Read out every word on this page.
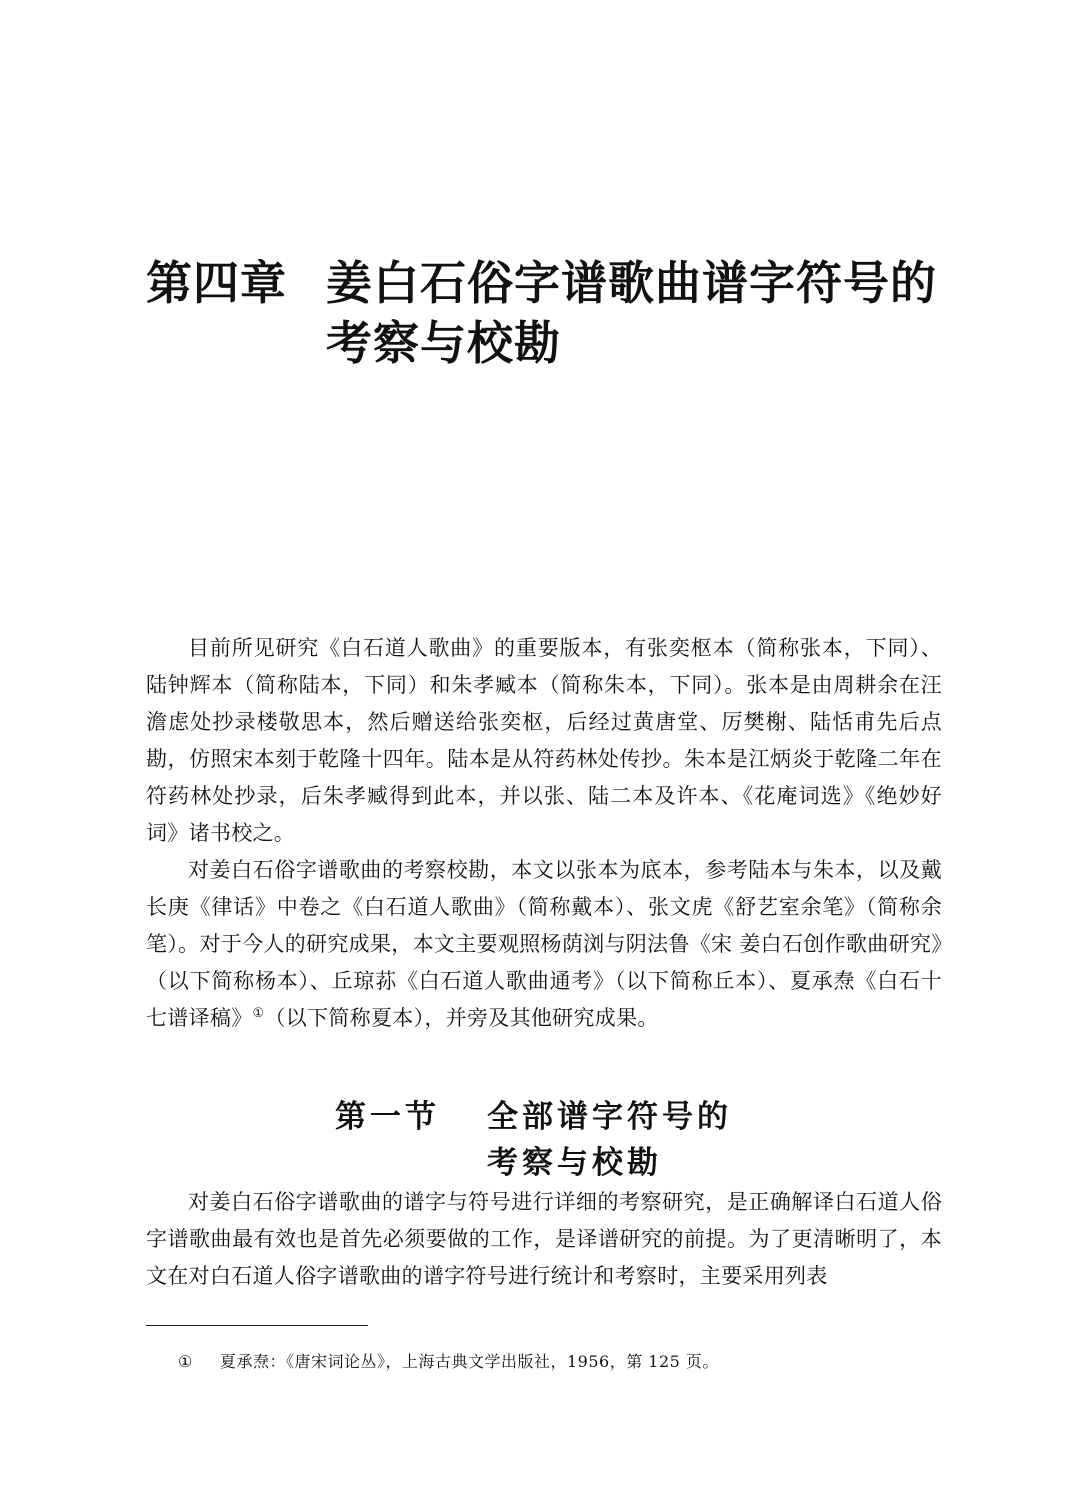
第四章 姜白石俗字谱歌曲谱字符号的
考察与校勘

目前所见研究《白石道人歌曲》的重要版本，有张奕枢本（简称张本，下同）、陆钟辉本（简称陆本，下同）和朱孝臧本（简称朱本，下同）。张本是由周耕余在汪澹虑处抄录楼敬思本，然后赠送给张奕枢，后经过黄唐堂、厉樊榭、陆恬甫先后点勘，仿照宋本刻于乾隆十四年。陆本是从符药林处传抄。朱本是江炳炎于乾隆二年在符药林处抄录，后朱孝臧得到此本，并以张、陆二本及许本、《花庵词选》《绝妙好词》诸书校之。

对姜白石俗字谱歌曲的考察校勘，本文以张本为底本，参考陆本与朱本，以及戴长庚《律话》中卷之《白石道人歌曲》（简称戴本）、张文虎《舒艺室余笔》（简称余笔）。对于今人的研究成果，本文主要观照杨荫浏与阴法鲁《宋 姜白石创作歌曲研究》（以下简称杨本）、丘琼荪《白石道人歌曲通考》（以下简称丘本）、夏承焘《白石十七谱译稿》①（以下简称夏本），并旁及其他研究成果。

第一节 全部谱字符号的
考察与校勘

对姜白石俗字谱歌曲的谱字与符号进行详细的考察研究，是正确解译白石道人俗字谱歌曲最有效也是首先必须要做的工作，是译谱研究的前提。为了更清晰明了，本文在对白石道人俗字谱歌曲的谱字符号进行统计和考察时，主要采用列表

① 夏承焘：《唐宋词论丛》，上海古典文学出版社，1956，第 125 页。
